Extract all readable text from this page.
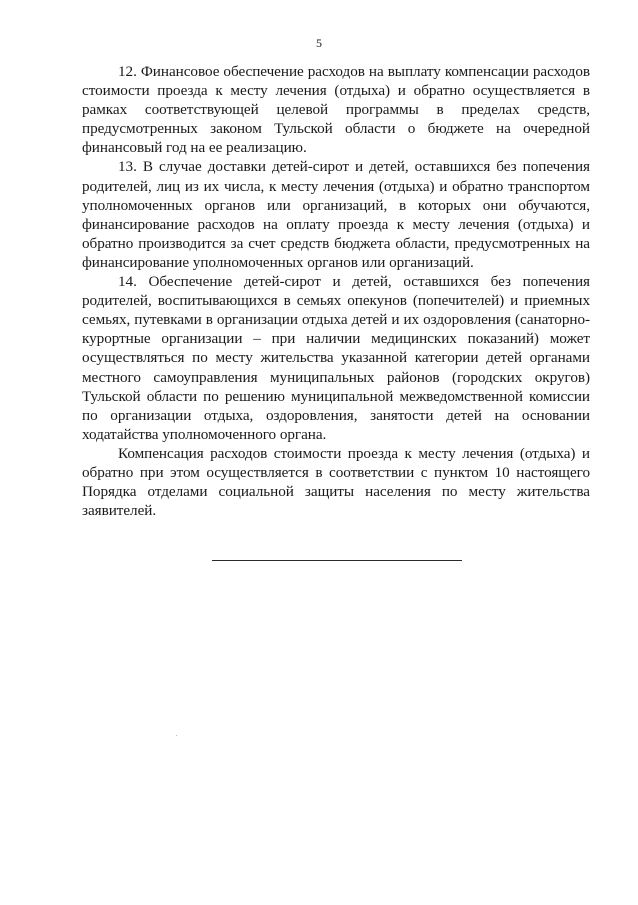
5

12. Финансовое обеспечение расходов на выплату компенсации расходов стоимости проезда к месту лечения (отдыха) и обратно осуществляется в рамках соответствующей целевой программы в пределах средств, предусмотренных законом Тульской области о бюджете на очередной финансовый год на ее реализацию.

13. В случае доставки детей-сирот и детей, оставшихся без попечения родителей, лиц из их числа, к месту лечения (отдыха) и обратно транспортом уполномоченных органов или организаций, в которых они обучаются, финансирование расходов на оплату проезда к месту лечения (отдыха) и обратно производится за счет средств бюджета области, предусмотренных на финансирование уполномоченных органов или организаций.

14. Обеспечение детей-сирот и детей, оставшихся без попечения родителей, воспитывающихся в семьях опекунов (попечителей) и приемных семьях, путевками в организации отдыха детей и их оздоровления (санаторно-курортные организации – при наличии медицинских показаний) может осуществляться по месту жительства указанной категории детей органами местного самоуправления муниципальных районов (городских округов) Тульской области по решению муниципальной межведомственной комиссии по организации отдыха, оздоровления, занятости детей на основании ходатайства уполномоченного органа.

Компенсация расходов стоимости проезда к месту лечения (отдыха) и обратно при этом осуществляется в соответствии с пунктом 10 настоящего Порядка отделами социальной защиты населения по месту жительства заявителей.
